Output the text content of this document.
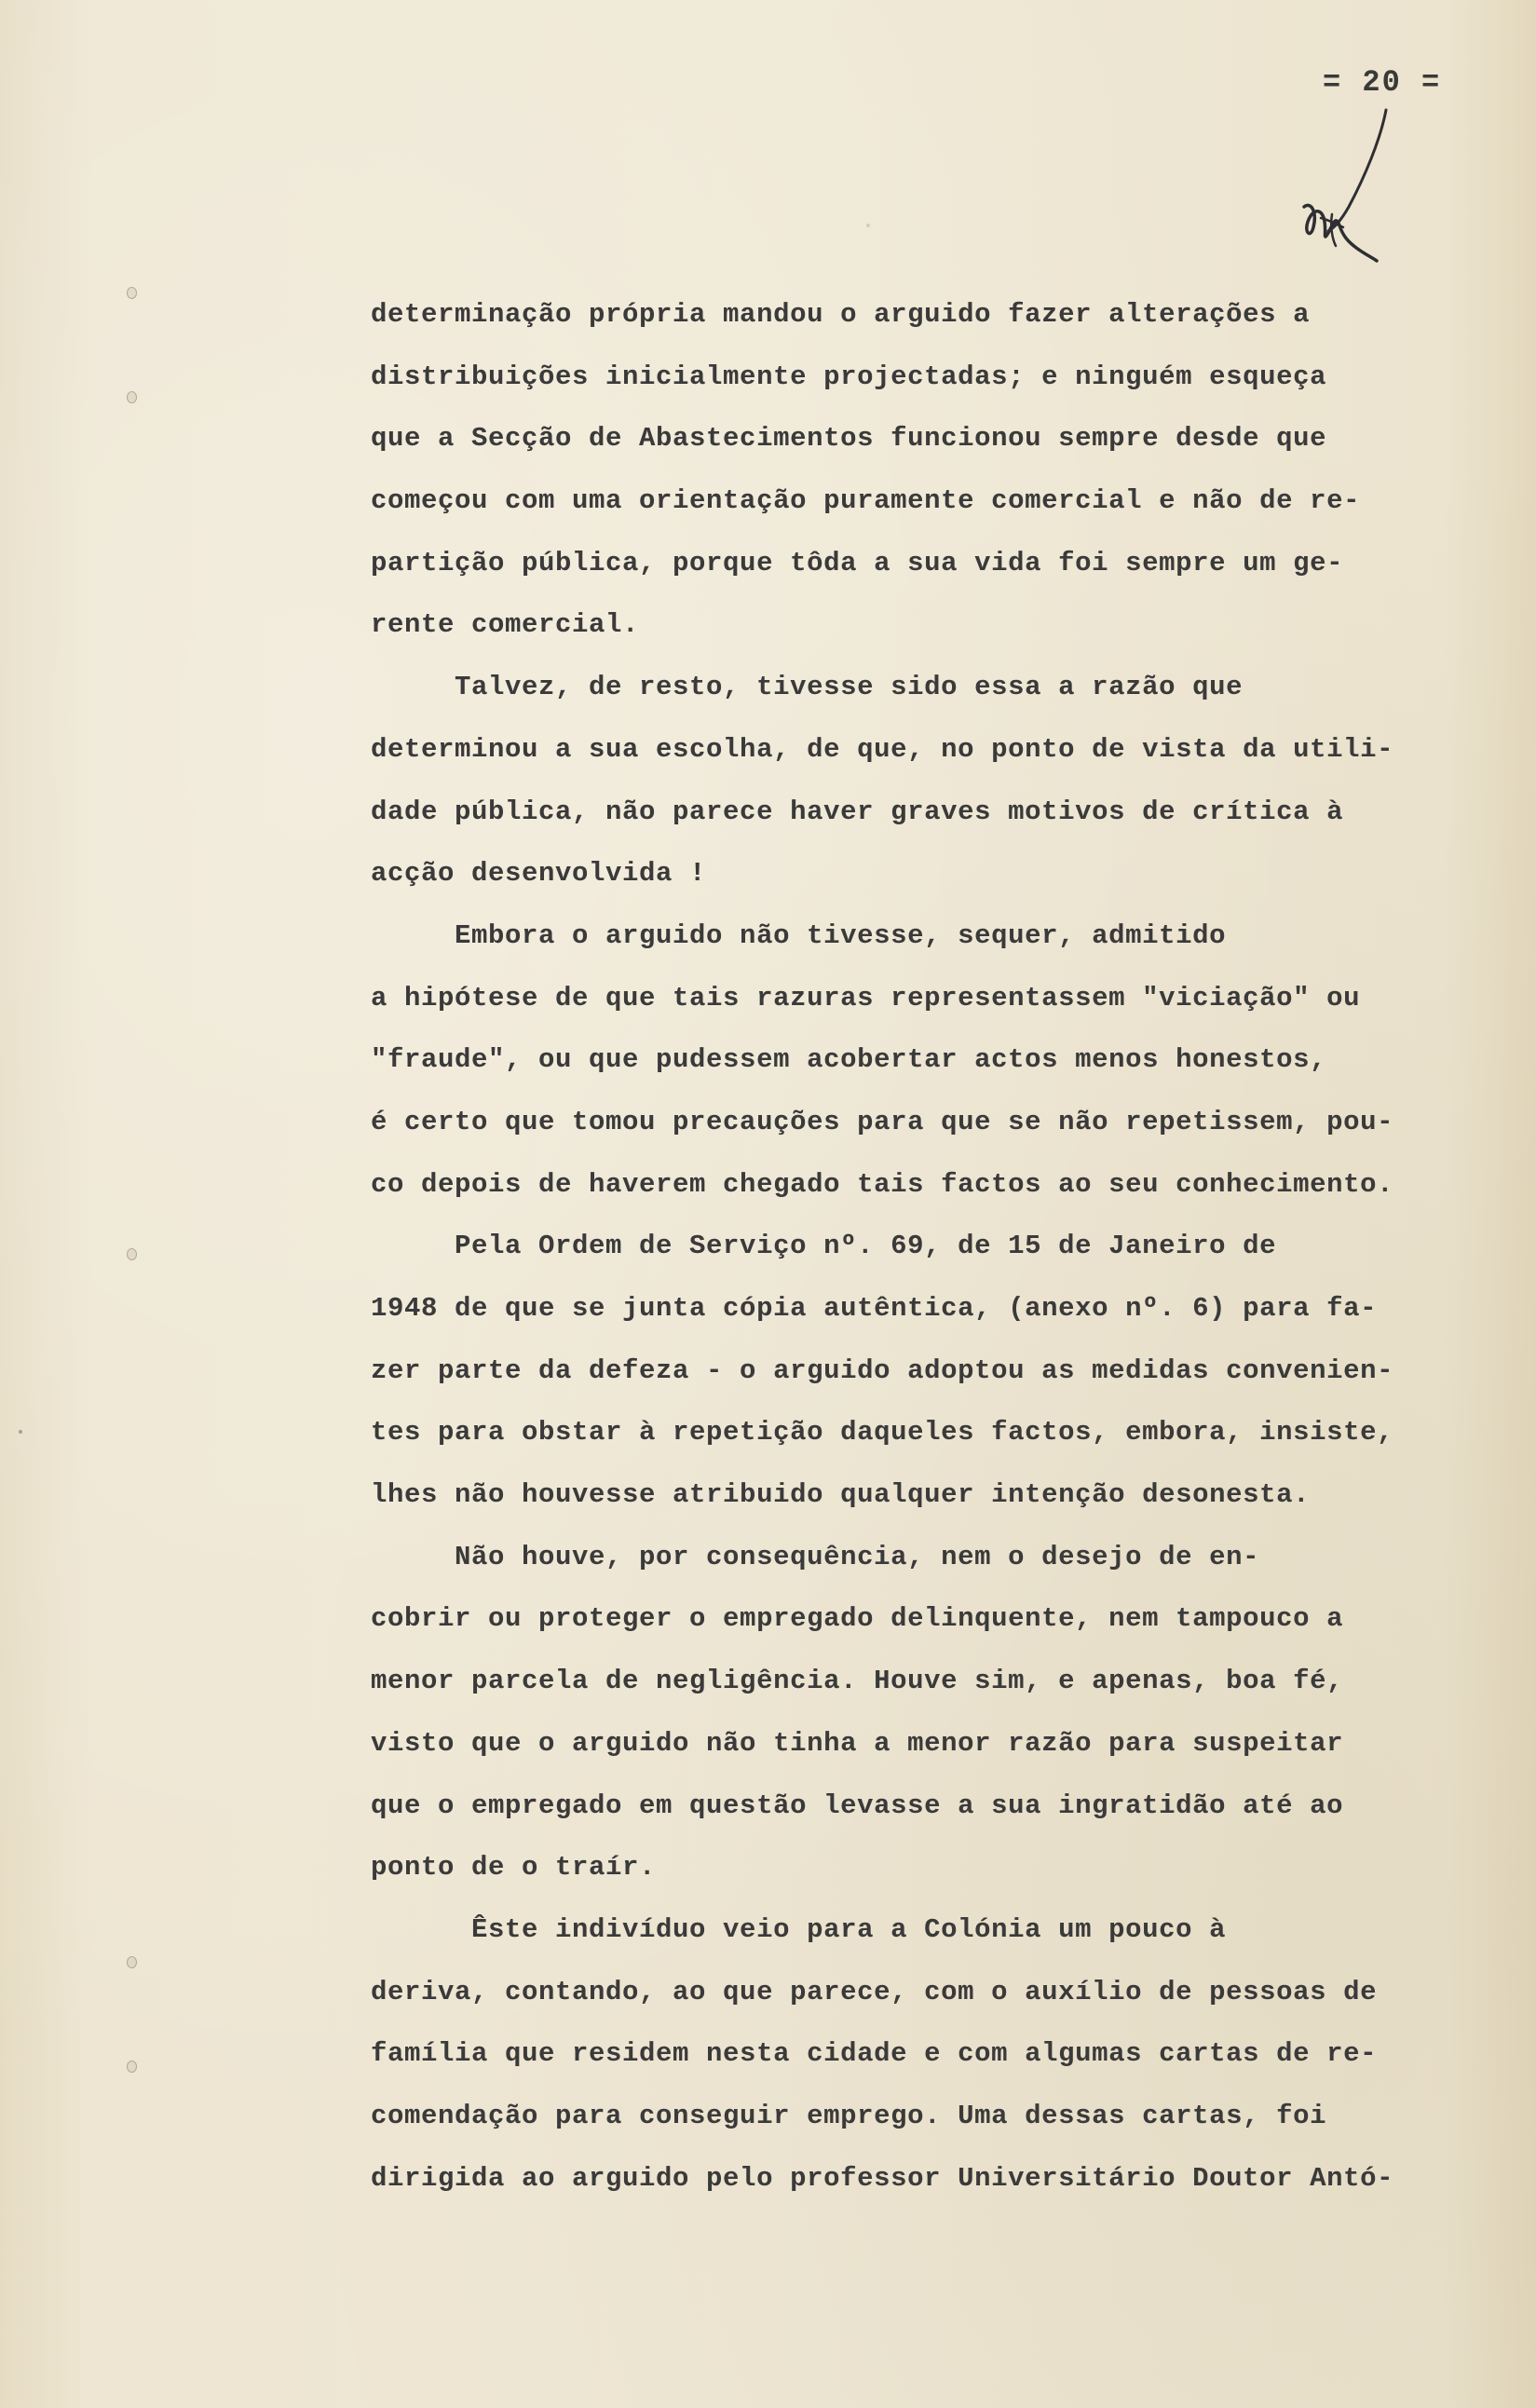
= 20 =
determinação própria mandou o arguido fazer alterações a
distribuições inicialmente projectadas; e ninguém esqueça
que a Secção de Abastecimentos funcionou sempre desde que
começou com uma orientação puramente comercial e não de re-
partição pública, porque tôda a sua vida foi sempre um ge-
rente comercial.
Talvez, de resto, tivesse sido essa a razão que
determinou a sua escolha, de que, no ponto de vista da utili-
dade pública, não parece haver graves motivos de crítica à
acção desenvolvida !
Embora o arguido não tivesse, sequer, admitido
a hipótese de que tais razuras representassem "viciação" ou
"fraude", ou que pudessem acobertar actos menos honestos,
é certo que tomou precauções para que se não repetissem, pou-
co depois de haverem chegado tais factos ao seu conhecimento.
Pela Ordem de Serviço nº. 69, de 15 de Janeiro de
1948 de que se junta cópia autêntica, (anexo nº. 6) para fa-
zer parte da defeza - o arguido adoptou as medidas convenien-
tes para obstar à repetição daqueles factos, embora, insiste,
lhes não houvesse atribuido qualquer intenção desonesta.
Não houve, por consequência, nem o desejo de en-
cobrir ou proteger o empregado delinquente, nem tampouco a
menor parcela de negligência. Houve sim, e apenas, boa fé,
visto que o arguido não tinha a menor razão para suspeitar
que o empregado em questão levasse a sua ingratidão até ao
ponto de o traír.
Êste indivíduo veio para a Colónia um pouco à
deriva, contando, ao que parece, com o auxílio de pessoas de
família que residem nesta cidade e com algumas cartas de re-
comendação para conseguir emprego. Uma dessas cartas, foi
dirigida ao arguido pelo professor Universitário Doutor Antó-
